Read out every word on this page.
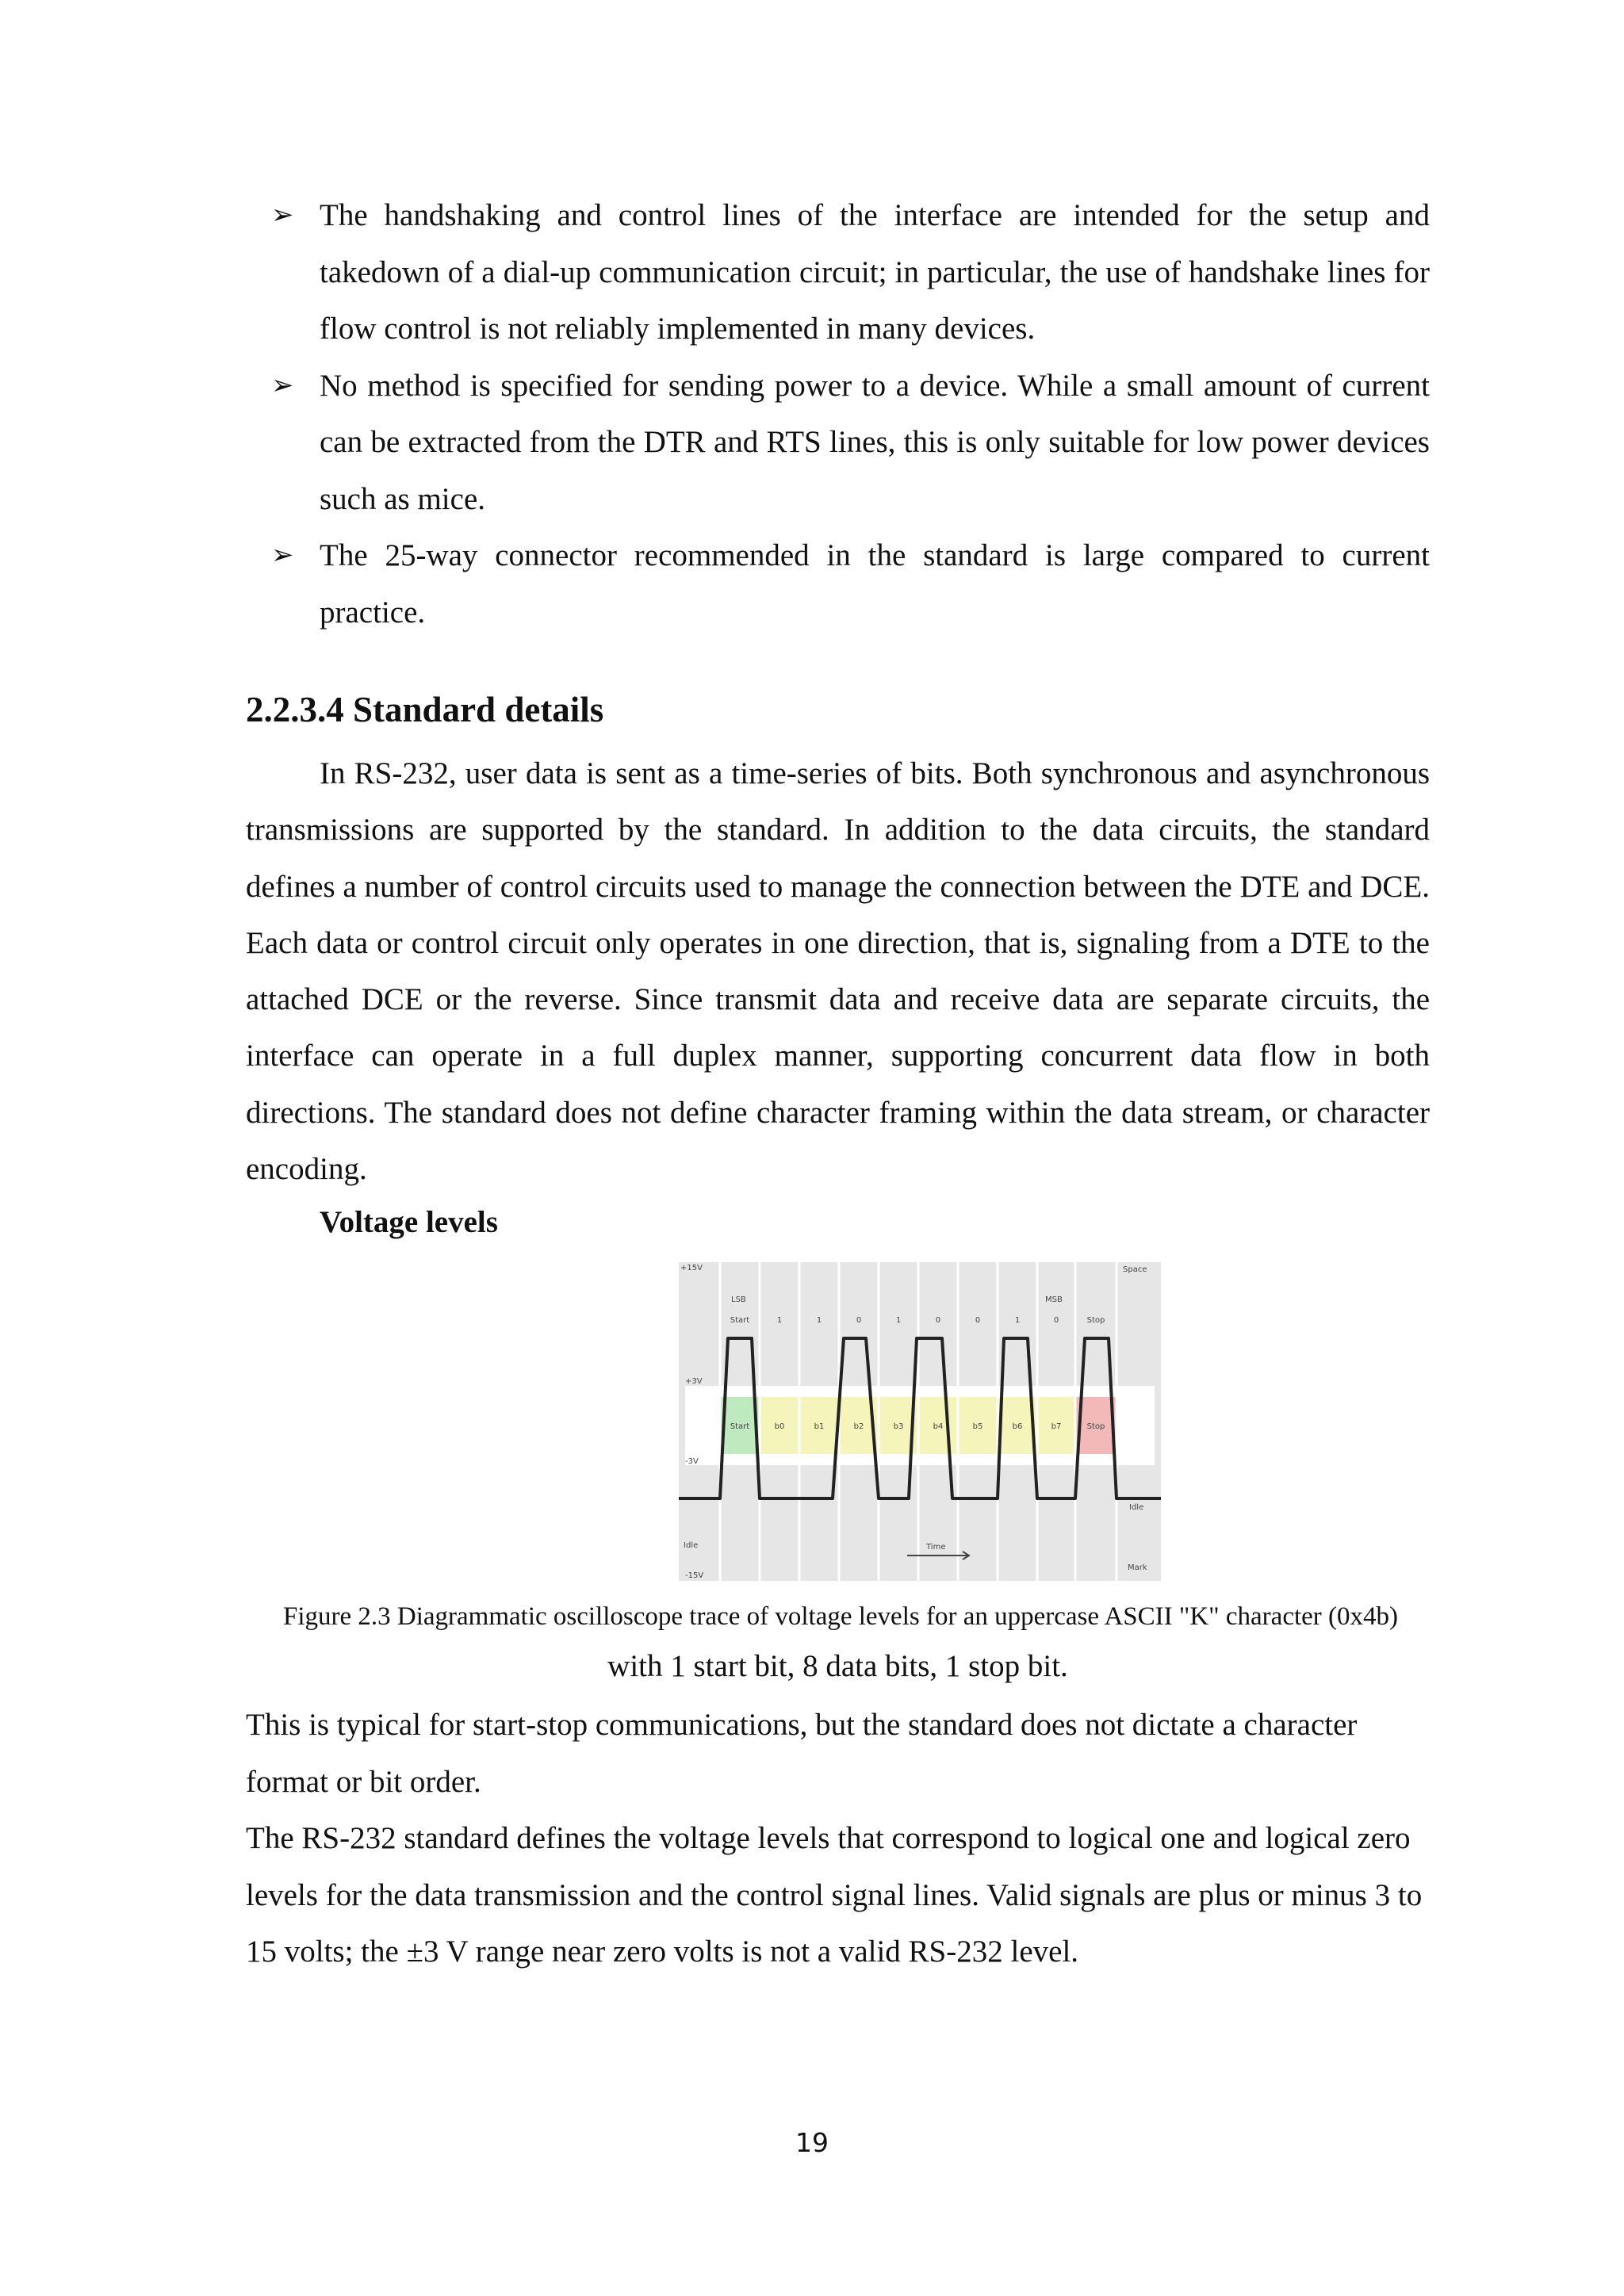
➢ The handshaking and control lines of the interface are intended for the setup and takedown of a dial-up communication circuit; in particular, the use of handshake lines for flow control is not reliably implemented in many devices.
➢ No method is specified for sending power to a device. While a small amount of current can be extracted from the DTR and RTS lines, this is only suitable for low power devices such as mice.
➢ The 25-way connector recommended in the standard is large compared to current practice.
2.2.3.4 Standard details

In RS-232, user data is sent as a time-series of bits. Both synchronous and asynchronous transmissions are supported by the standard. In addition to the data circuits, the standard defines a number of control circuits used to manage the connection between the DTE and DCE. Each data or control circuit only operates in one direction, that is, signaling from a DTE to the attached DCE or the reverse. Since transmit data and receive data are separate circuits, the interface can operate in a full duplex manner, supporting concurrent data flow in both directions. The standard does not define character framing within the data stream, or character encoding.

Voltage levels

+15V
+3V
-3V
Idle
-15V
Space
Idle
Mark
LSB	MSB
Start	1	1	0	1	0	0	1	0	Stop
Start	b0	b1	b2	b3	b4	b5	b6	b7	Stop
Time

Figure 2.3 Diagrammatic oscilloscope trace of voltage levels for an uppercase ASCII "K" character (0x4b)

with 1 start bit, 8 data bits, 1 stop bit.

This is typical for start-stop communications, but the standard does not dictate a character format or bit order.

The RS-232 standard defines the voltage levels that correspond to logical one and logical zero levels for the data transmission and the control signal lines. Valid signals are plus or minus 3 to 15 volts; the ±3 V range near zero volts is not a valid RS-232 level.

19
